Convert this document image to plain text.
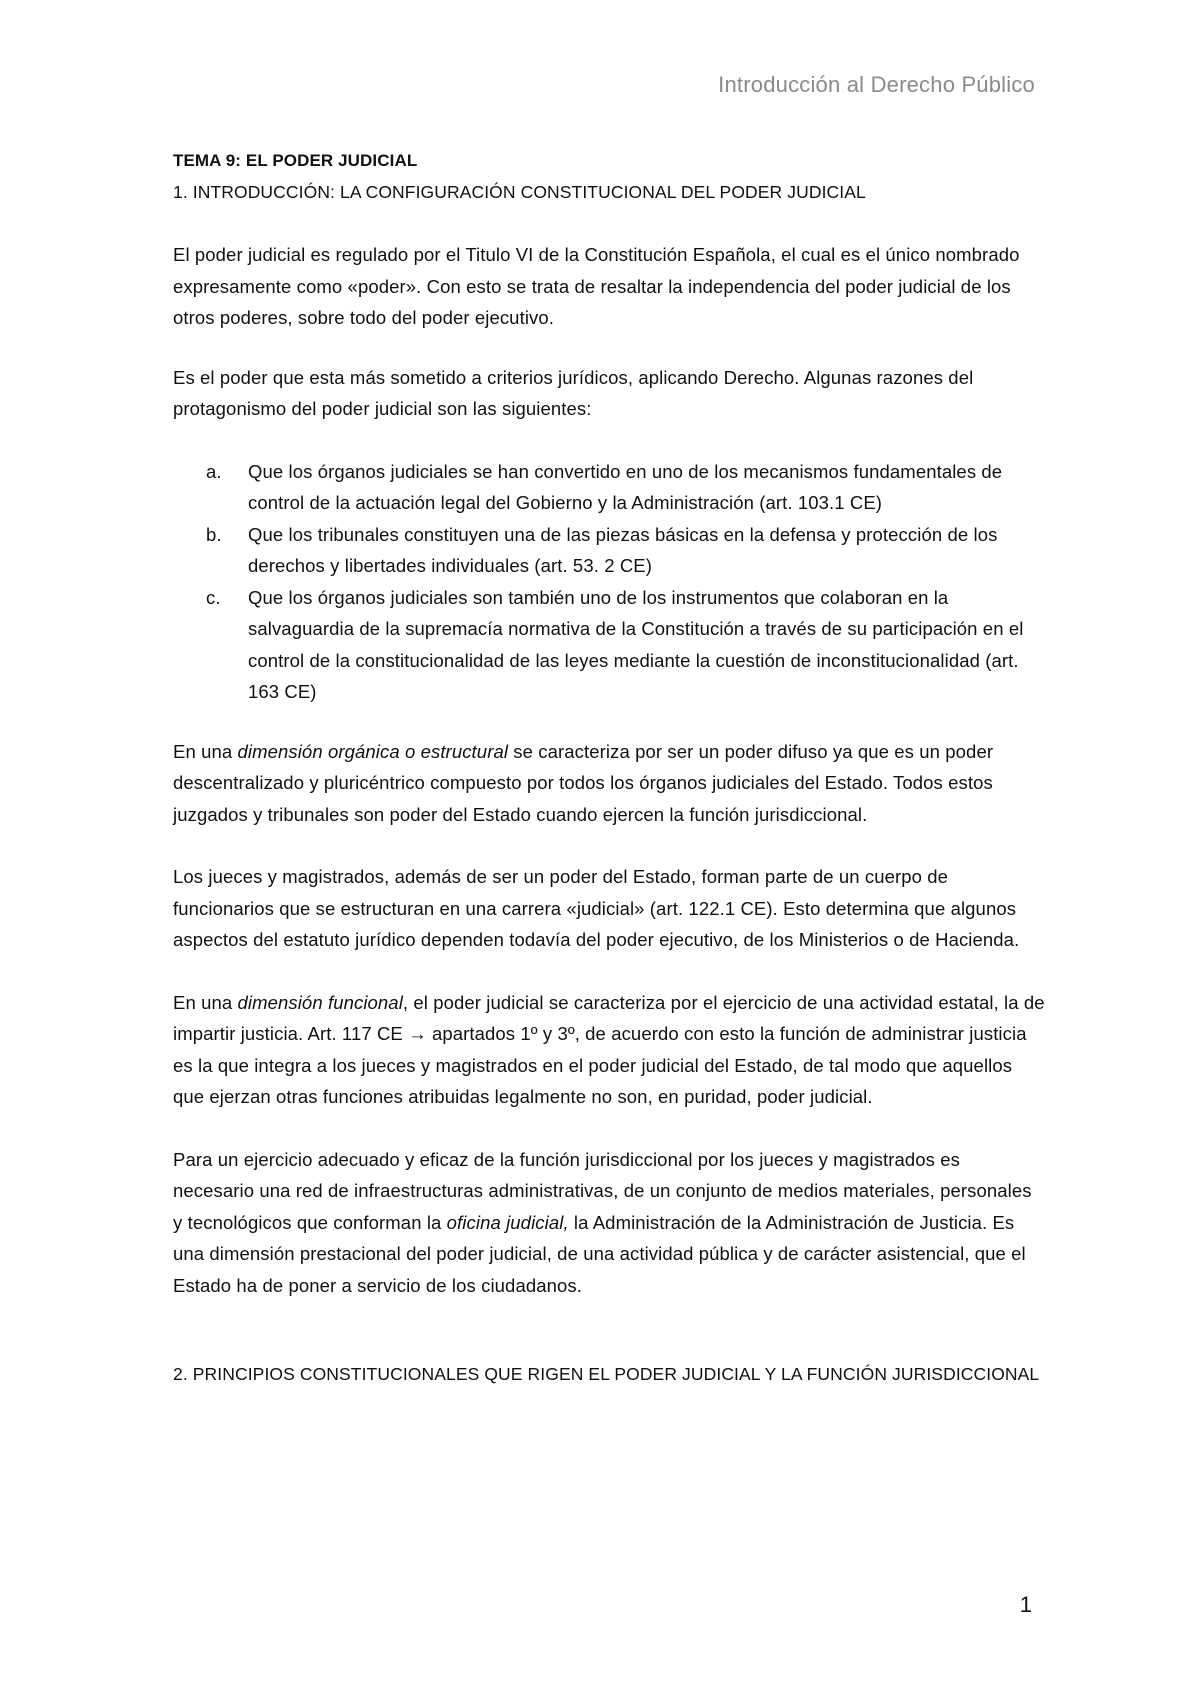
Introducción al Derecho Público

TEMA 9: EL PODER JUDICIAL

1. INTRODUCCIÓN: LA CONFIGURACIÓN CONSTITUCIONAL DEL PODER JUDICIAL

El poder judicial es regulado por el Titulo VI de la Constitución Española, el cual es el único nombrado expresamente como «poder». Con esto se trata de resaltar la independencia del poder judicial de los otros poderes, sobre todo del poder ejecutivo.

Es el poder que esta más sometido a criterios jurídicos, aplicando Derecho. Algunas razones del protagonismo del poder judicial son las siguientes:

a. Que los órganos judiciales se han convertido en uno de los mecanismos fundamentales de control de la actuación legal del Gobierno y la Administración (art. 103.1 CE)
b. Que los tribunales constituyen una de las piezas básicas en la defensa y protección de los derechos y libertades individuales (art. 53. 2 CE)
c. Que los órganos judiciales son también uno de los instrumentos que colaboran en la salvaguardia de la supremacía normativa de la Constitución a través de su participación en el control de la constitucionalidad de las leyes mediante la cuestión de inconstitucionalidad (art. 163 CE)

En una dimensión orgánica o estructural se caracteriza por ser un poder difuso ya que es un poder descentralizado y pluricéntrico compuesto por todos los órganos judiciales del Estado. Todos estos juzgados y tribunales son poder del Estado cuando ejercen la función jurisdiccional.

Los jueces y magistrados, además de ser un poder del Estado, forman parte de un cuerpo de funcionarios que se estructuran en una carrera «judicial» (art. 122.1 CE). Esto determina que algunos aspectos del estatuto jurídico dependen todavía del poder ejecutivo, de los Ministerios o de Hacienda.

En una dimensión funcional, el poder judicial se caracteriza por el ejercicio de una actividad estatal, la de impartir justicia. Art. 117 CE → apartados 1º y 3º, de acuerdo con esto la función de administrar justicia es la que integra a los jueces y magistrados en el poder judicial del Estado, de tal modo que aquellos que ejerzan otras funciones atribuidas legalmente no son, en puridad, poder judicial.

Para un ejercicio adecuado y eficaz de la función jurisdiccional por los jueces y magistrados es necesario una red de infraestructuras administrativas, de un conjunto de medios materiales, personales y tecnológicos que conforman la oficina judicial, la Administración de la Administración de Justicia. Es una dimensión prestacional del poder judicial, de una actividad pública y de carácter asistencial, que el Estado ha de poner a servicio de los ciudadanos.

2. PRINCIPIOS CONSTITUCIONALES QUE RIGEN EL PODER JUDICIAL Y LA FUNCIÓN JURISDICCIONAL

1
